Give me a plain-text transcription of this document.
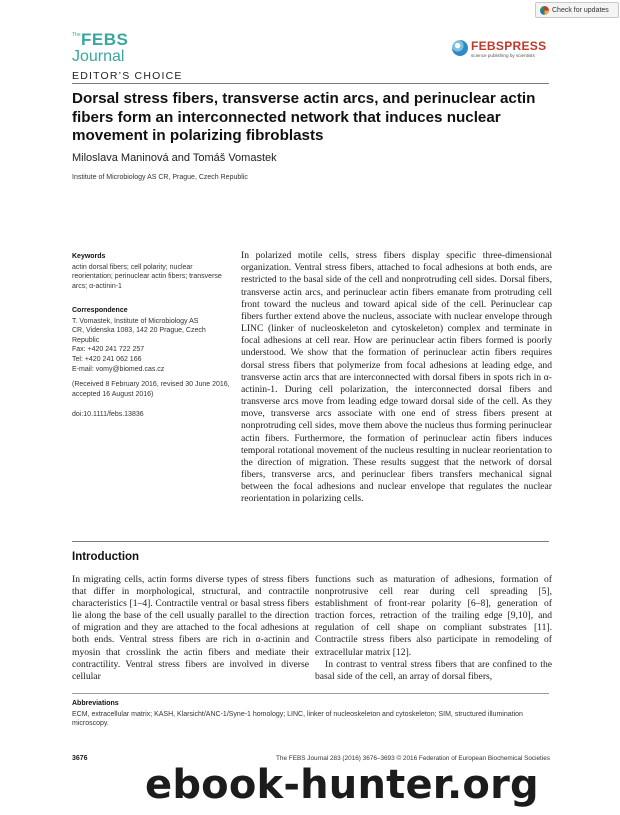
Check for updates
The FEBS
Journal
EDITOR’S CHOICE
FEBSPRESS
science publishing by scientists
Dorsal stress fibers, transverse actin arcs, and perinuclear actin fibers form an interconnected network that induces nuclear movement in polarizing fibroblasts
Miloslava Maninová and Tomáš Vomastek
Institute of Microbiology AS CR, Prague, Czech Republic
Keywords
actin dorsal fibers; cell polarity; nuclear reorientation; perinuclear actin fibers; transverse arcs; α-actinin-1
Correspondence
T. Vomastek, Institute of Microbiology AS
CR, Videnska 1083, 142 20 Prague, Czech
Republic
Fax: +420 241 722 257
Tel: +420 241 062 166
E-mail: vomy@biomed.cas.cz
(Received 8 February 2016, revised 30 June 2016, accepted 16 August 2016)
doi:10.1111/febs.13836
In polarized motile cells, stress fibers display specific three-dimensional organization. Ventral stress fibers, attached to focal adhesions at both ends, are restricted to the basal side of the cell and nonprotruding cell sides. Dorsal fibers, transverse actin arcs, and perinuclear actin fibers emanate from protruding cell front toward the nucleus and toward apical side of the cell. Perinuclear cap fibers further extend above the nucleus, associate with nuclear envelope through LINC (linker of nucleoskeleton and cytoskeleton) complex and terminate in focal adhesions at cell rear. How are perinuclear actin fibers formed is poorly understood. We show that the formation of perinuclear actin fibers requires dorsal stress fibers that polymerize from focal adhesions at leading edge, and transverse actin arcs that are interconnected with dorsal fibers in spots rich in α-actinin-1. During cell polarization, the interconnected dorsal fibers and transverse arcs move from leading edge toward dorsal side of the cell. As they move, transverse arcs associate with one end of stress fibers present at nonprotruding cell sides, move them above the nucleus thus forming perinuclear actin fibers. Furthermore, the formation of perinuclear actin fibers induces temporal rotational movement of the nucleus resulting in nuclear reorientation to the direction of migration. These results suggest that the network of dorsal fibers, transverse arcs, and perinuclear fibers transfers mechanical signal between the focal adhesions and nuclear envelope that regulates the nuclear reorientation in polarizing cells.
Introduction

In migrating cells, actin forms diverse types of stress fibers that differ in morphological, structural, and contractile characteristics [1–4]. Contractile ventral or basal stress fibers lie along the base of the cell usually parallel to the direction of migration and they are attached to the focal adhesions at both ends. Ventral stress fibers are rich in α-actinin and myosin that crosslink the actin fibers and mediate their contractility. Ventral stress fibers are involved in diverse cellular

functions such as maturation of adhesions, formation of nonprotrusive cell rear during cell spreading [5], establishment of front-rear polarity [6–8], generation of traction forces, retraction of the trailing edge [9,10], and regulation of cell shape on compliant substrates [11]. Contractile stress fibers also participate in remodeling of extracellular matrix [12].

In contrast to ventral stress fibers that are confined to the basal side of the cell, an array of dorsal fibers,

Abbreviations
ECM, extracellular matrix; KASH, Klarsicht/ANC-1/Syne-1 homology; LINC, linker of nucleoskeleton and cytoskeleton; SIM, structured illumination microscopy.
3676	The FEBS Journal 283 (2016) 3676–3693 © 2016 Federation of European Biochemical Societies
ebook-hunter.org
